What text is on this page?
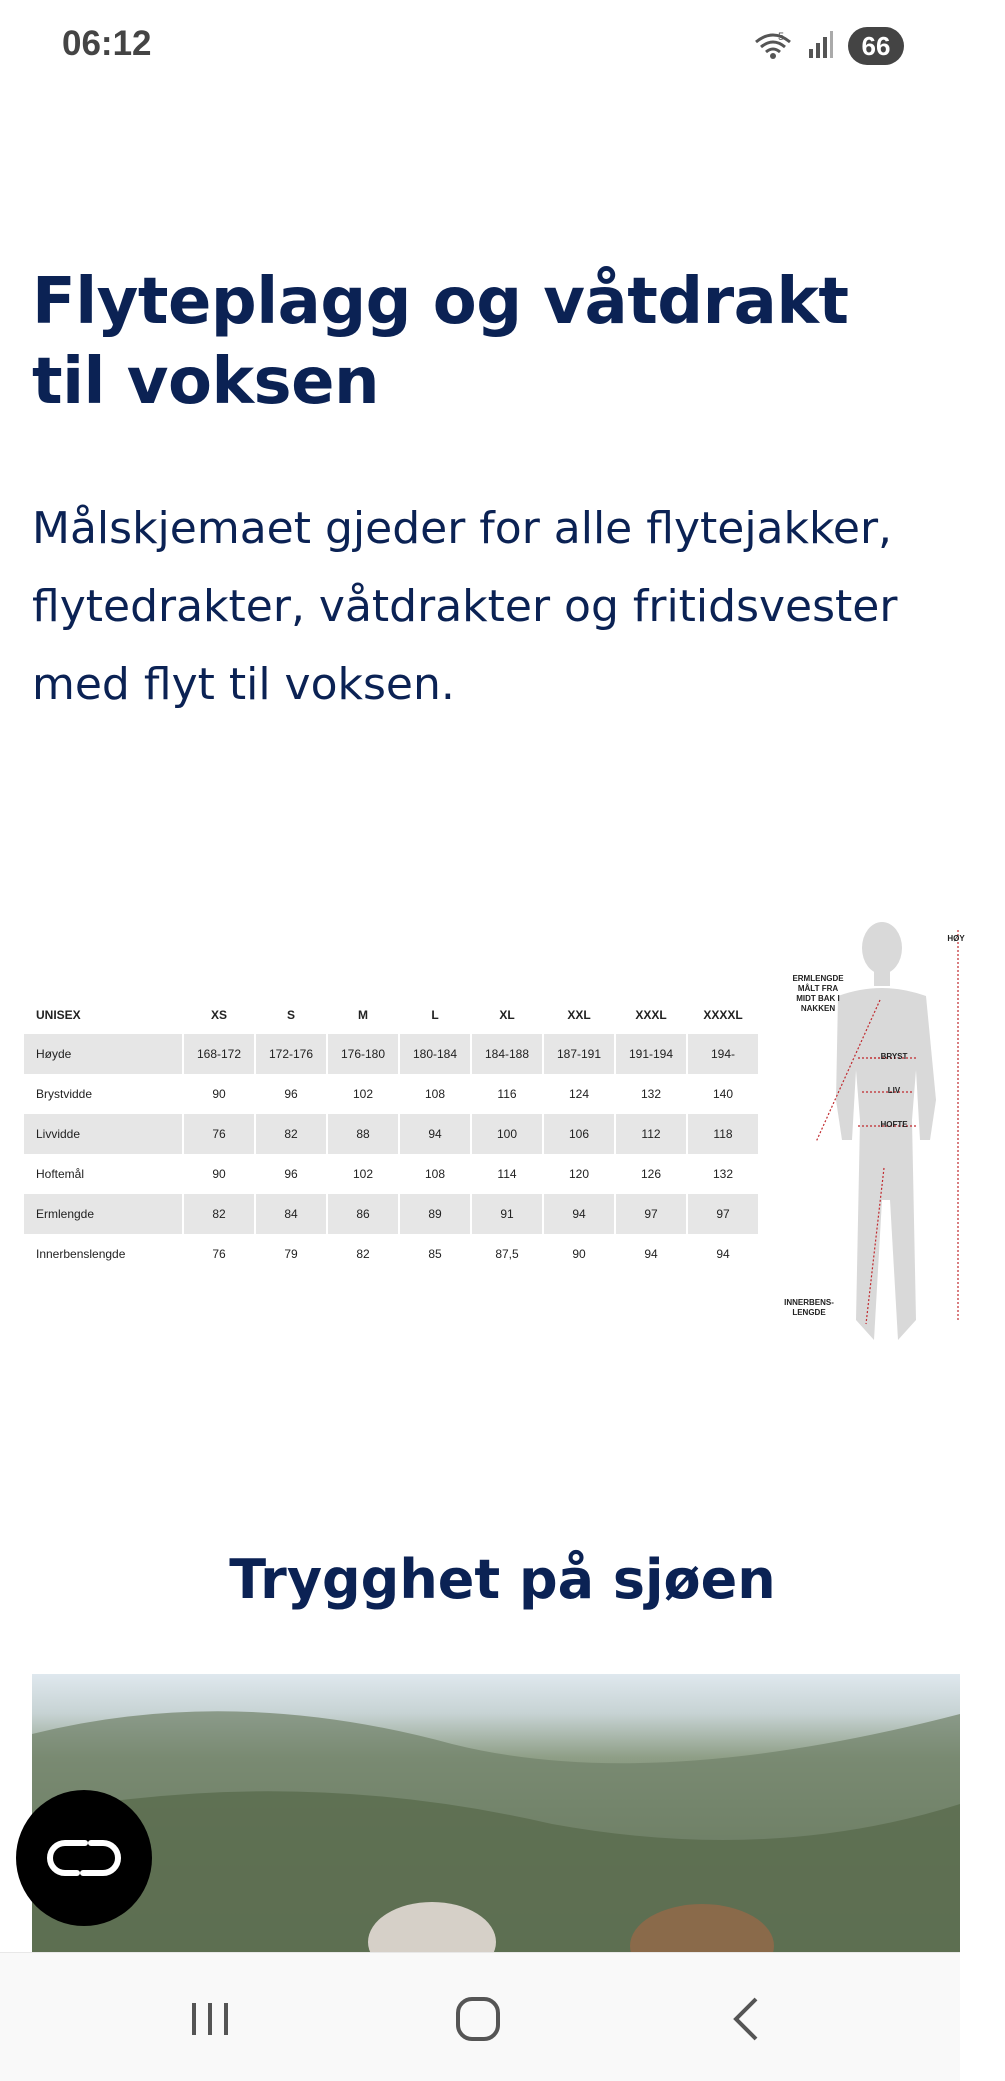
06:12	5	66
Flyteplagg og våtdrakt til voksen

Målskjemaet gjeder for alle flytejakker, flytedrakter, våtdrakter og fritidsvester med flyt til voksen.

UNISEX	XS	S	M	L	XL	XXL	XXXL	XXXXL
Høyde	168-172	172-176	176-180	180-184	184-188	187-191	191-194	194-
Brystvidde	90	96	102	108	116	124	132	140
Livvidde	76	82	88	94	100	106	112	118
Hoftemål	90	96	102	108	114	120	126	132
Ermlengde	82	84	86	89	91	94	97	97
Innerbenslengde	76	79	82	85	87,5	90	94	94
ERMLENGDE MÅLT FRA MIDT BAK I NAKKEN
BRYST
LIV
HOFTE
INNERBENS-LENGDE
HØY
Trygghet på sjøen
